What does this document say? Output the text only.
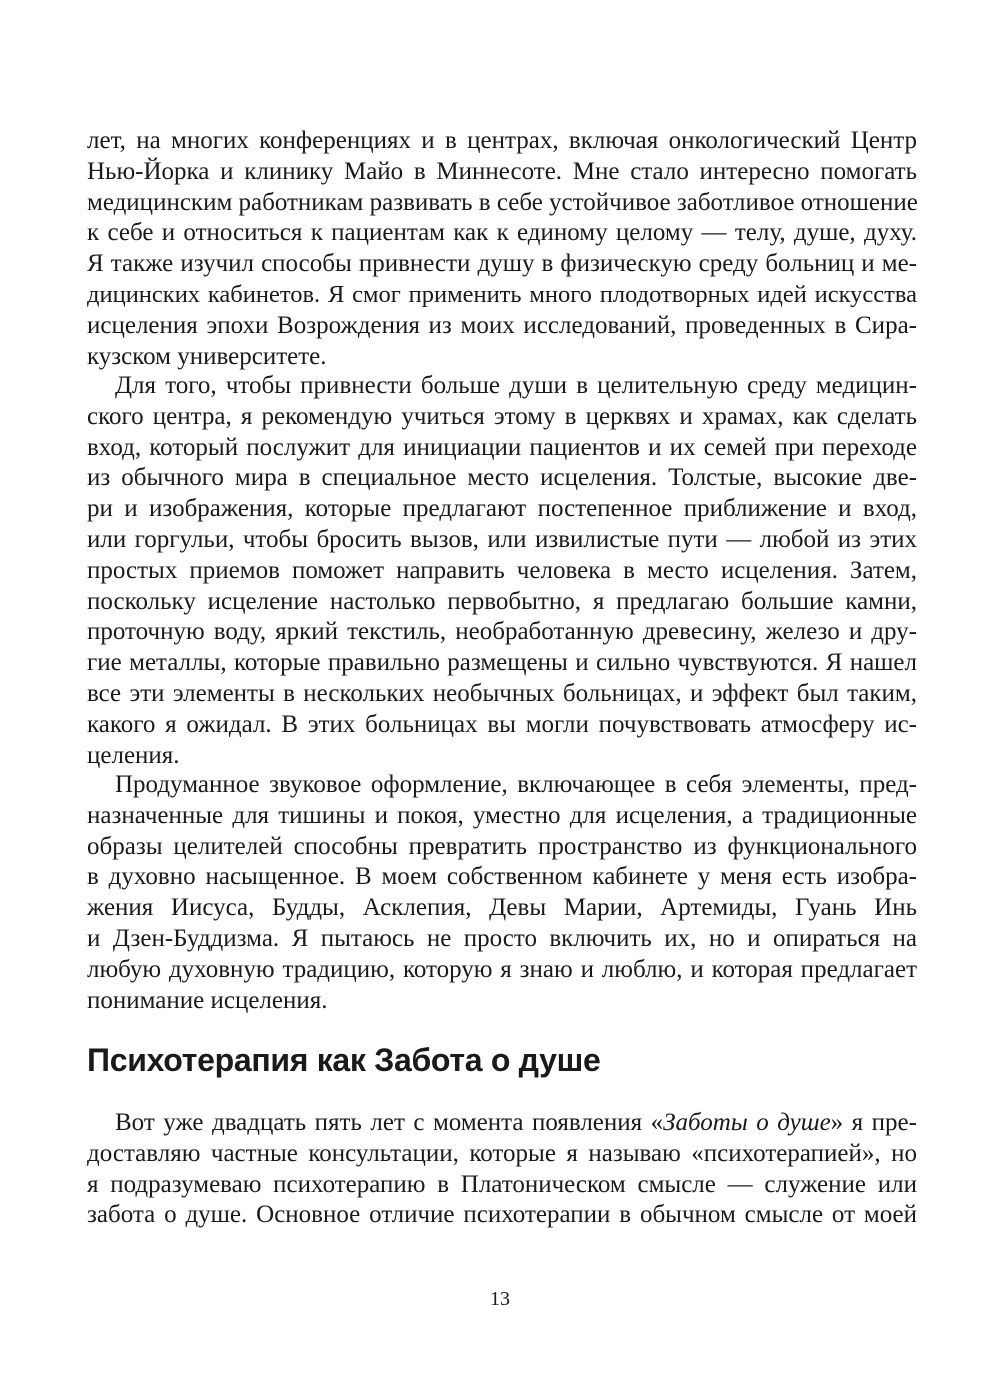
лет, на многих конференциях и в центрах, включая онкологический Центр
Нью-Йорка и клинику Майо в Миннесоте. Мне стало интересно помогать
медицинским работникам развивать в себе устойчивое заботливое отношение
к себе и относиться к пациентам как к единому целому — телу, душе, духу.
Я также изучил способы привнести душу в физическую среду больниц и ме-
дицинских кабинетов. Я смог применить много плодотворных идей искусства
исцеления эпохи Возрождения из моих исследований, проведенных в Сира-
кузском университете.
Для того, чтобы привнести больше души в целительную среду медицин-
ского центра, я рекомендую учиться этому в церквях и храмах, как сделать
вход, который послужит для инициации пациентов и их семей при переходе
из обычного мира в специальное место исцеления. Толстые, высокие две-
ри и изображения, которые предлагают постепенное приближение и вход,
или горгульи, чтобы бросить вызов, или извилистые пути — любой из этих
простых приемов поможет направить человека в место исцеления. Затем,
поскольку исцеление настолько первобытно, я предлагаю большие камни,
проточную воду, яркий текстиль, необработанную древесину, железо и дру-
гие металлы, которые правильно размещены и сильно чувствуются. Я нашел
все эти элементы в нескольких необычных больницах, и эффект был таким,
какого я ожидал. В этих больницах вы могли почувствовать атмосферу ис-
целения.
Продуманное звуковое оформление, включающее в себя элементы, пред-
назначенные для тишины и покоя, уместно для исцеления, а традиционные
образы целителей способны превратить пространство из функционального
в духовно насыщенное. В моем собственном кабинете у меня есть изобра-
жения Иисуса, Будды, Асклепия, Девы Марии, Артемиды, Гуань Инь
и Дзен-Буддизма. Я пытаюсь не просто включить их, но и опираться на
любую духовную традицию, которую я знаю и люблю, и которая предлагает
понимание исцеления.
Психотерапия как Забота о душе
Вот уже двадцать пять лет с момента появления «Заботы о душе» я пре-
доставляю частные консультации, которые я называю «психотерапией», но
я подразумеваю психотерапию в Платоническом смысле — служение или
забота о душе. Основное отличие психотерапии в обычном смысле от моей
13
